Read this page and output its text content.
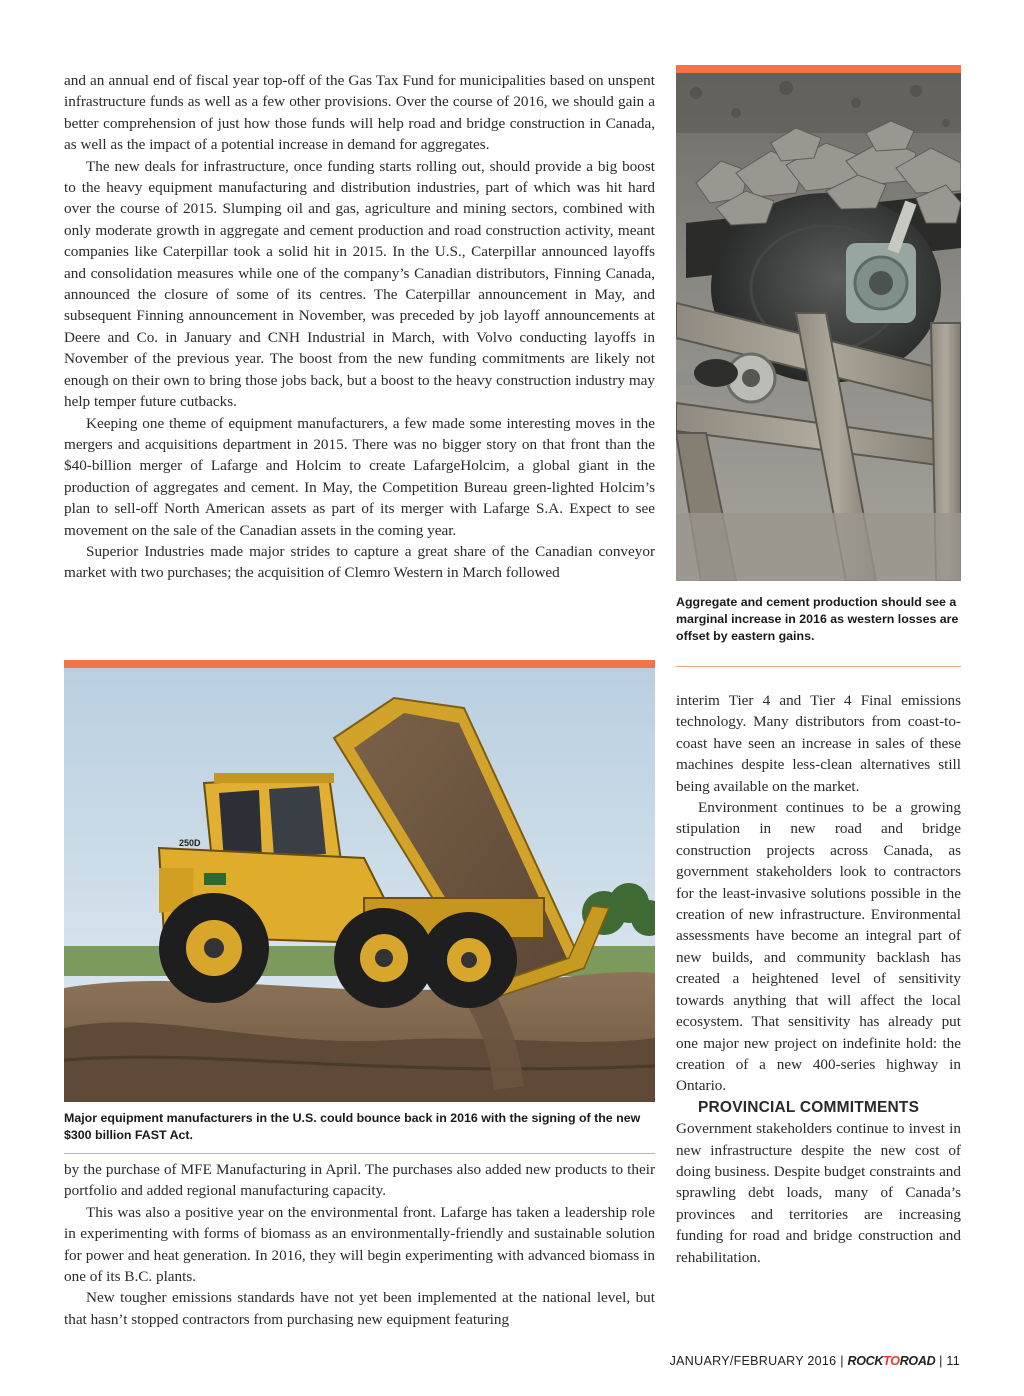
and an annual end of fiscal year top-off of the Gas Tax Fund for municipalities based on unspent infrastructure funds as well as a few other provisions. Over the course of 2016, we should gain a better comprehension of just how those funds will help road and bridge construction in Canada, as well as the impact of a potential increase in demand for aggregates.

The new deals for infrastructure, once funding starts rolling out, should provide a big boost to the heavy equipment manufacturing and distribution industries, part of which was hit hard over the course of 2015. Slumping oil and gas, agriculture and mining sectors, combined with only moderate growth in aggregate and cement production and road construction activity, meant companies like Caterpillar took a solid hit in 2015. In the U.S., Caterpillar announced layoffs and consolidation measures while one of the company’s Canadian distributors, Finning Canada, announced the closure of some of its centres. The Caterpillar announcement in May, and subsequent Finning announcement in November, was preceded by job layoff announcements at Deere and Co. in January and CNH Industrial in March, with Volvo conducting layoffs in November of the previous year. The boost from the new funding commitments are likely not enough on their own to bring those jobs back, but a boost to the heavy construction industry may help temper future cutbacks.

Keeping one theme of equipment manufacturers, a few made some interesting moves in the mergers and acquisitions department in 2015. There was no bigger story on that front than the $40-billion merger of Lafarge and Holcim to create LafargeHolcim, a global giant in the production of aggregates and cement. In May, the Competition Bureau green-lighted Holcim’s plan to sell-off North American assets as part of its merger with Lafarge S.A. Expect to see movement on the sale of the Canadian assets in the coming year.

Superior Industries made major strides to capture a great share of the Canadian conveyor market with two purchases; the acquisition of Clemro Western in March followed

Aggregate and cement production should see a marginal increase in 2016 as western losses are offset by eastern gains.
250D
Major equipment manufacturers in the U.S. could bounce back in 2016 with the signing of the new $300 billion FAST Act.

by the purchase of MFE Manufacturing in April. The purchases also added new products to their portfolio and added regional manufacturing capacity.

This was also a positive year on the environmental front. Lafarge has taken a leadership role in experimenting with forms of biomass as an environmentally-friendly and sustainable solution for power and heat generation. In 2016, they will begin experimenting with advanced biomass in one of its B.C. plants.

New tougher emissions standards have not yet been implemented at the national level, but that hasn’t stopped contractors from purchasing new equipment featuring

interim Tier 4 and Tier 4 Final emissions technology. Many distributors from coast-to-coast have seen an increase in sales of these machines despite less-clean alternatives still being available on the market.

Environment continues to be a growing stipulation in new road and bridge construction projects across Canada, as government stakeholders look to contractors for the least-invasive solutions possible in the creation of new infrastructure. Environmental assessments have become an integral part of new builds, and community backlash has created a heightened level of sensitivity towards anything that will affect the local ecosystem. That sensitivity has already put one major new project on indefinite hold: the creation of a new 400-series highway in Ontario.

PROVINCIAL COMMITMENTS

Government stakeholders continue to invest in new infrastructure despite the new cost of doing business. Despite budget constraints and sprawling debt loads, many of Canada’s provinces and territories are increasing funding for road and bridge construction and rehabilitation.

JANUARY/FEBRUARY 2016 | ROCKTOROAD | 11
